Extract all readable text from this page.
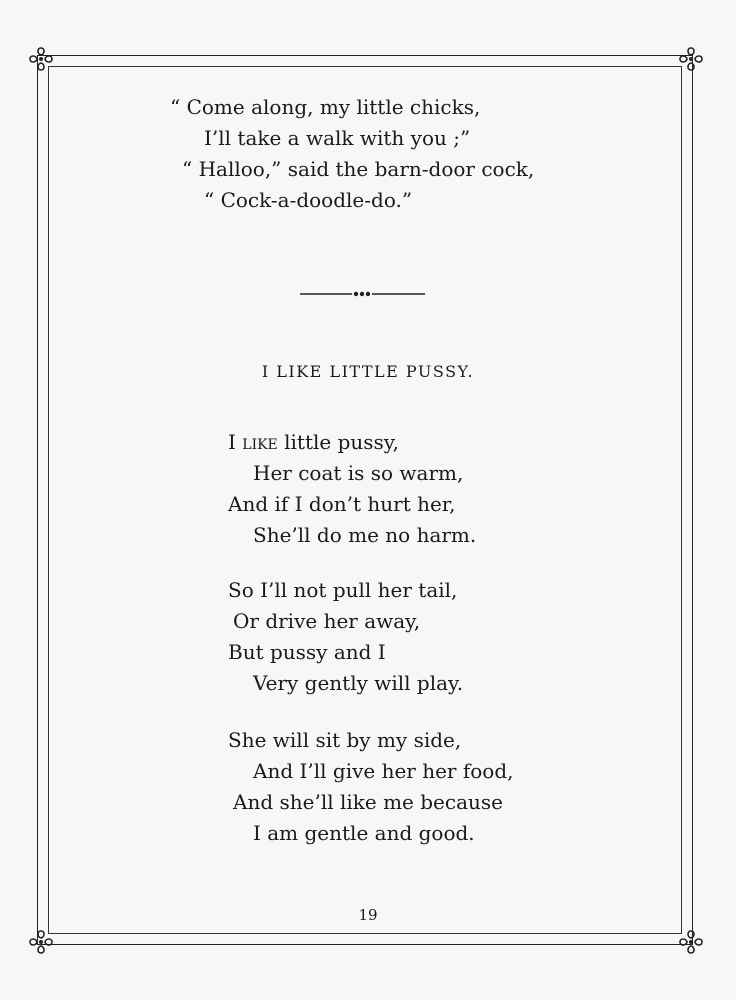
“ Come along, my little chicks,
I’ll take a walk with you ;”
“ Halloo,” said the barn-door cock,
“ Cock-a-doodle-do.”
I LIKE LITTLE PUSSY.
I like little pussy,
Her coat is so warm,
And if I don’t hurt her,
She’ll do me no harm.
So I’ll not pull her tail,
Or drive her away,
But pussy and I
Very gently will play.
She will sit by my side,
And I’ll give her her food,
And she’ll like me because
I am gentle and good.
19
